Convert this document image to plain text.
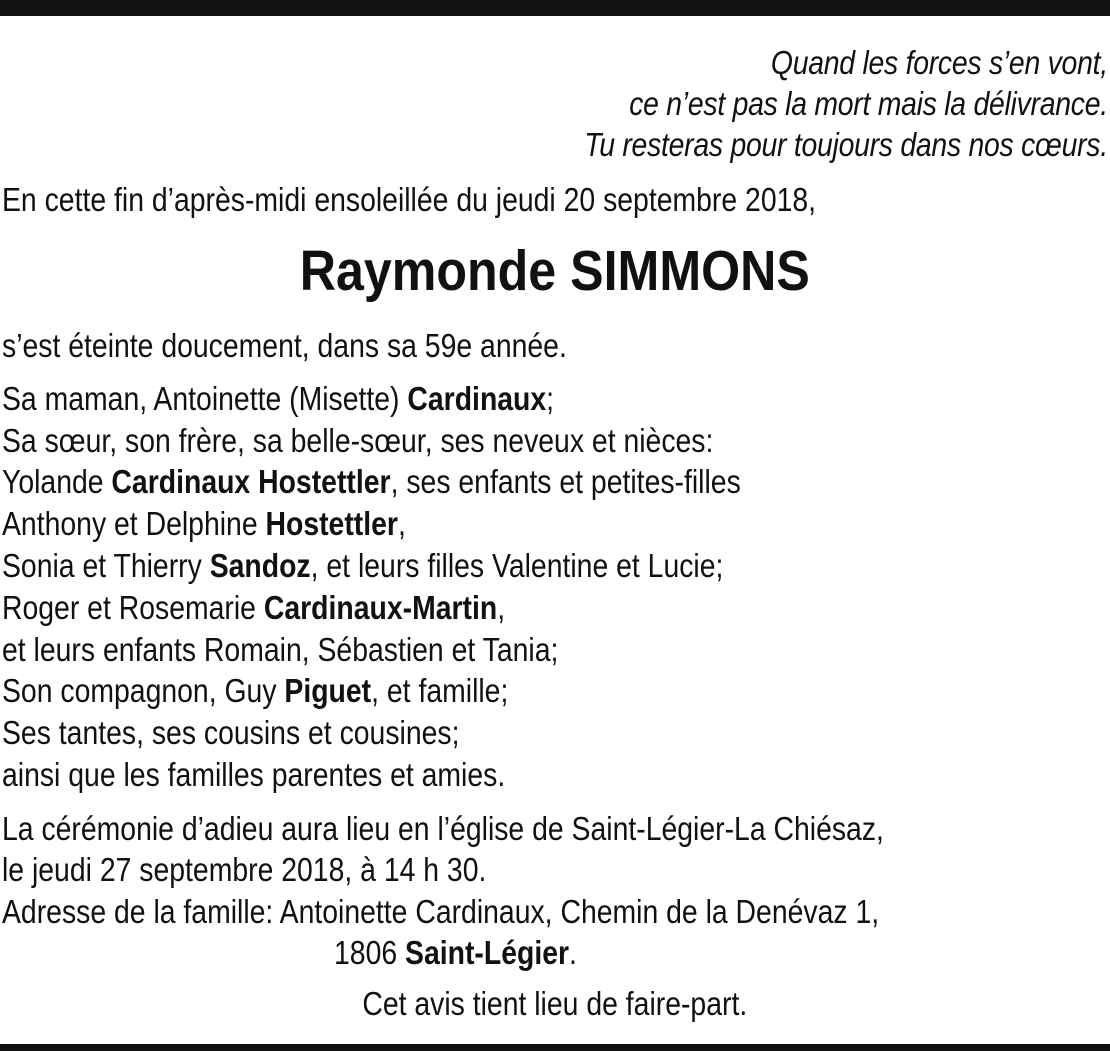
Quand les forces s’en vont,
ce n’est pas la mort mais la délivrance.
Tu resteras pour toujours dans nos cœurs.
En cette fin d’après-midi ensoleillée du jeudi 20 septembre 2018,
Raymonde SIMMONS
s’est éteinte doucement, dans sa 59e année.
Sa maman, Antoinette (Misette) Cardinaux;
Sa sœur, son frère, sa belle-sœur, ses neveux et nièces:
Yolande Cardinaux Hostettler, ses enfants et petites-filles
Anthony et Delphine Hostettler,
Sonia et Thierry Sandoz, et leurs filles Valentine et Lucie;
Roger et Rosemarie Cardinaux-Martin,
et leurs enfants Romain, Sébastien et Tania;
Son compagnon, Guy Piguet, et famille;
Ses tantes, ses cousins et cousines;
ainsi que les familles parentes et amies.
La cérémonie d’adieu aura lieu en l’église de Saint-Légier-La Chiésaz,
le jeudi 27 septembre 2018, à 14 h 30.
Adresse de la famille: Antoinette Cardinaux, Chemin de la Denévaz 1,
1806 Saint-Légier.
Cet avis tient lieu de faire-part.
